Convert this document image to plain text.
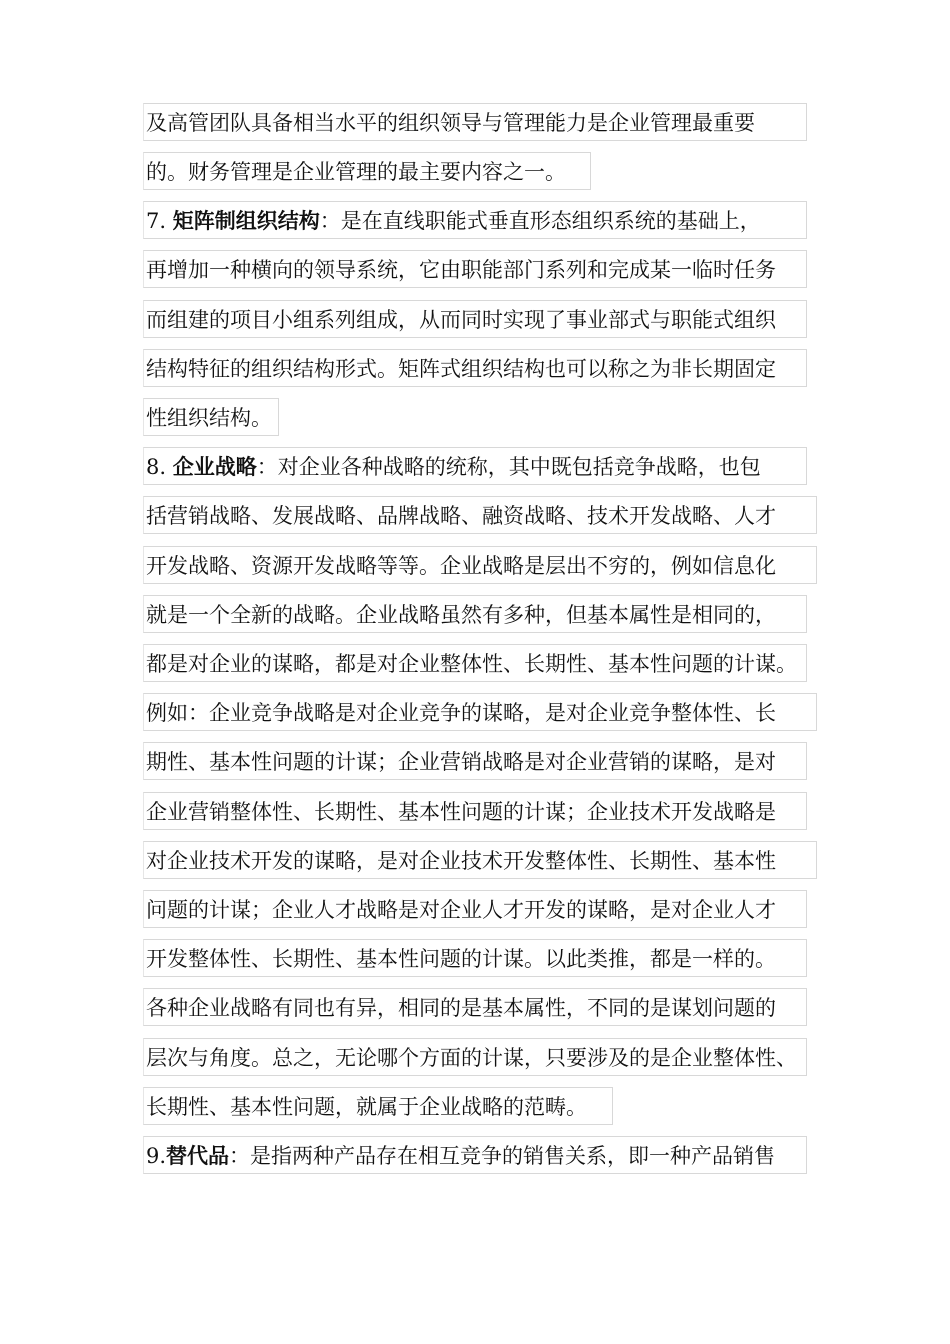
及高管团队具备相当水平的组织领导与管理能力是企业管理最重要
的。财务管理是企业管理的最主要内容之一。
7. 矩阵制组织结构：是在直线职能式垂直形态组织系统的基础上，
再增加一种横向的领导系统，它由职能部门系列和完成某一临时任务
而组建的项目小组系列组成，从而同时实现了事业部式与职能式组织
结构特征的组织结构形式。矩阵式组织结构也可以称之为非长期固定
性组织结构。
8. 企业战略：对企业各种战略的统称，其中既包括竞争战略，也包
括营销战略、发展战略、品牌战略、融资战略、技术开发战略、人才
开发战略、资源开发战略等等。企业战略是层出不穷的，例如信息化
就是一个全新的战略。企业战略虽然有多种，但基本属性是相同的，
都是对企业的谋略，都是对企业整体性、长期性、基本性问题的计谋。
例如：企业竞争战略是对企业竞争的谋略，是对企业竞争整体性、长
期性、基本性问题的计谋；企业营销战略是对企业营销的谋略，是对
企业营销整体性、长期性、基本性问题的计谋；企业技术开发战略是
对企业技术开发的谋略，是对企业技术开发整体性、长期性、基本性
问题的计谋；企业人才战略是对企业人才开发的谋略，是对企业人才
开发整体性、长期性、基本性问题的计谋。以此类推，都是一样的。
各种企业战略有同也有异，相同的是基本属性，不同的是谋划问题的
层次与角度。总之，无论哪个方面的计谋，只要涉及的是企业整体性、
长期性、基本性问题，就属于企业战略的范畴。
9.替代品：是指两种产品存在相互竞争的销售关系，即一种产品销售
